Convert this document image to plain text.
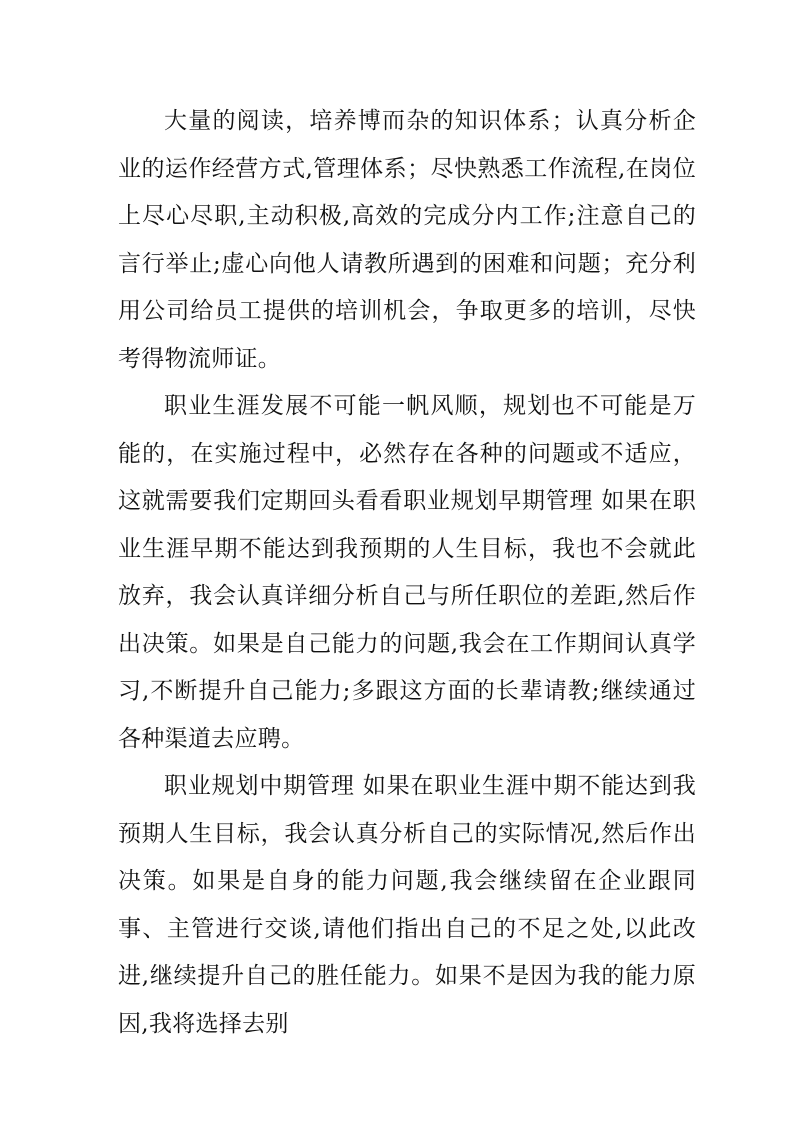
大量的阅读，培养博而杂的知识体系；认真分析企业的运作经营方式,管理体系；尽快熟悉工作流程,在岗位上尽心尽职,主动积极,高效的完成分内工作;注意自己的言行举止;虚心向他人请教所遇到的困难和问题；充分利用公司给员工提供的培训机会，争取更多的培训，尽快考得物流师证。

职业生涯发展不可能一帆风顺，规划也不可能是万能的，在实施过程中，必然存在各种的问题或不适应，这就需要我们定期回头看看职业规划早期管理 如果在职业生涯早期不能达到我预期的人生目标，我也不会就此放弃，我会认真详细分析自己与所任职位的差距,然后作出决策。如果是自己能力的问题,我会在工作期间认真学习,不断提升自己能力;多跟这方面的长辈请教;继续通过各种渠道去应聘。

职业规划中期管理 如果在职业生涯中期不能达到我预期人生目标，我会认真分析自己的实际情况,然后作出决策。如果是自身的能力问题,我会继续留在企业跟同事、主管进行交谈,请他们指出自己的不足之处,以此改进,继续提升自己的胜任能力。如果不是因为我的能力原因,我将选择去别
